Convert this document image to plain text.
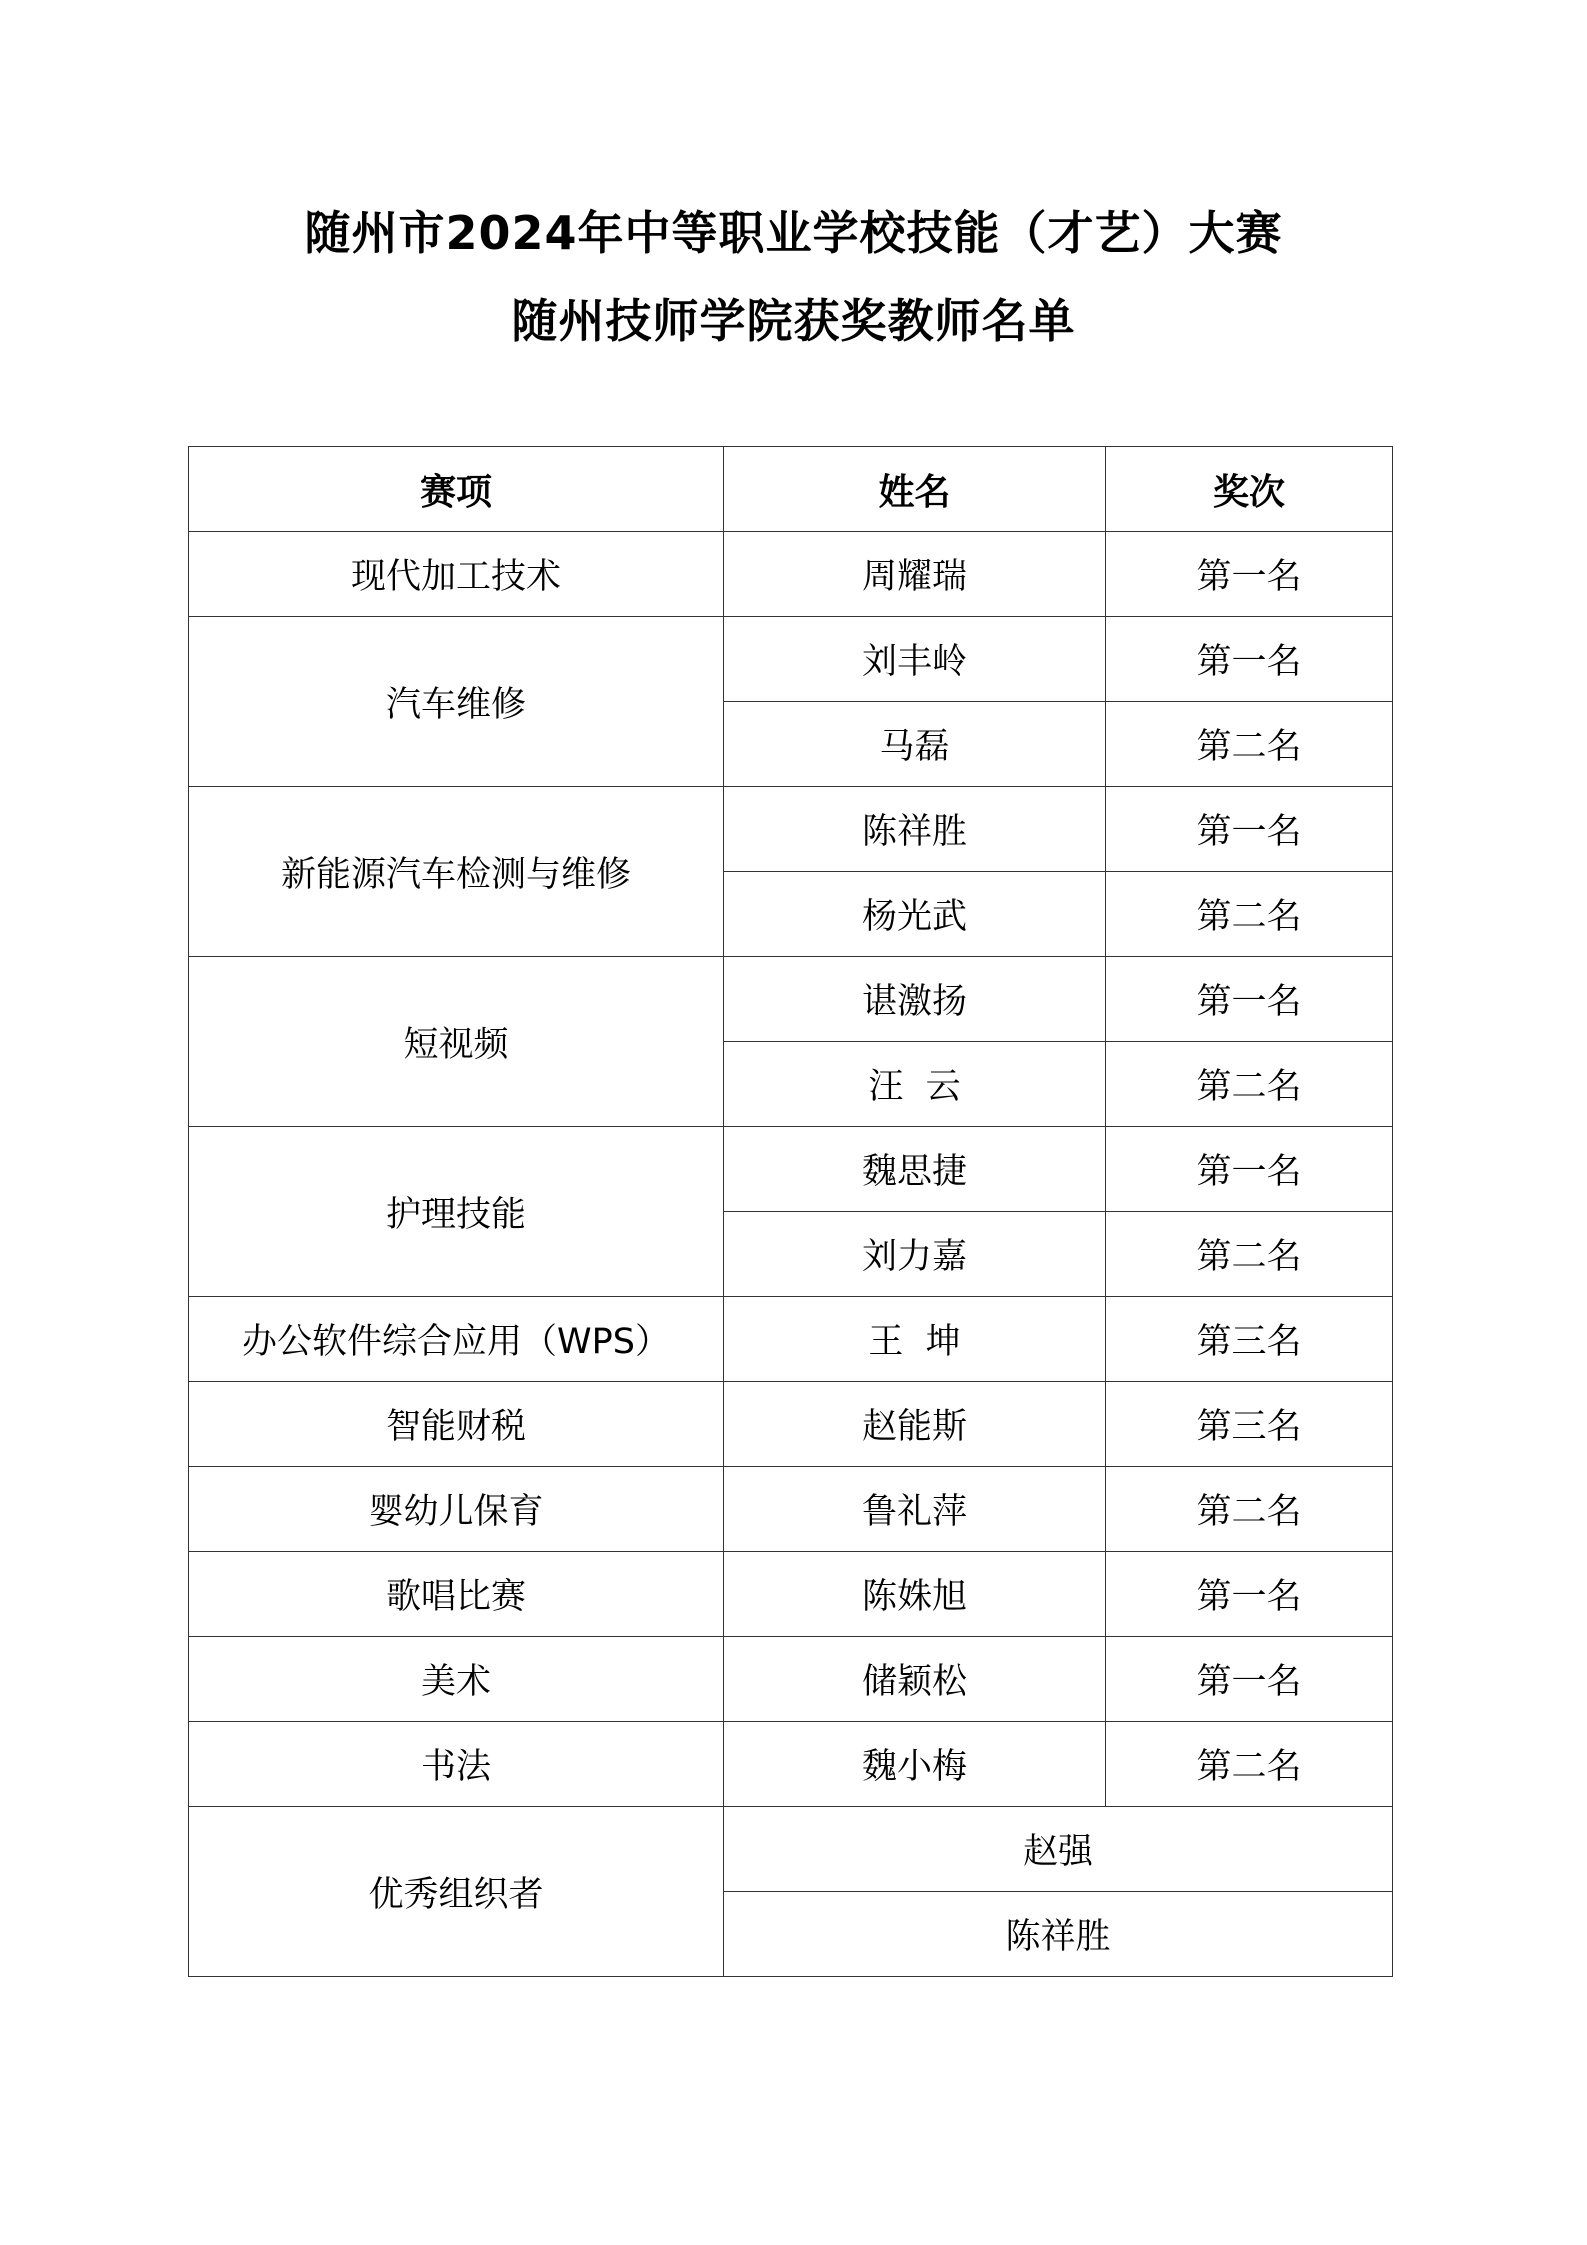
随州市2024年中等职业学校技能（才艺）大赛
随州技师学院获奖教师名单
赛项	姓名	奖次
现代加工技术	周耀瑞	第一名
汽车维修	刘丰岭	第一名
	马磊	第二名
新能源汽车检测与维修	陈祥胜	第一名
	杨光武	第二名
短视频	谌激扬	第一名
	汪  云	第二名
护理技能	魏思捷	第一名
	刘力嘉	第二名
办公软件综合应用（WPS）	王  坤	第三名
智能财税	赵能斯	第三名
婴幼儿保育	鲁礼萍	第二名
歌唱比赛	陈姝旭	第一名
美术	储颖松	第一名
书法	魏小梅	第二名
优秀组织者	赵强	
	陈祥胜	
